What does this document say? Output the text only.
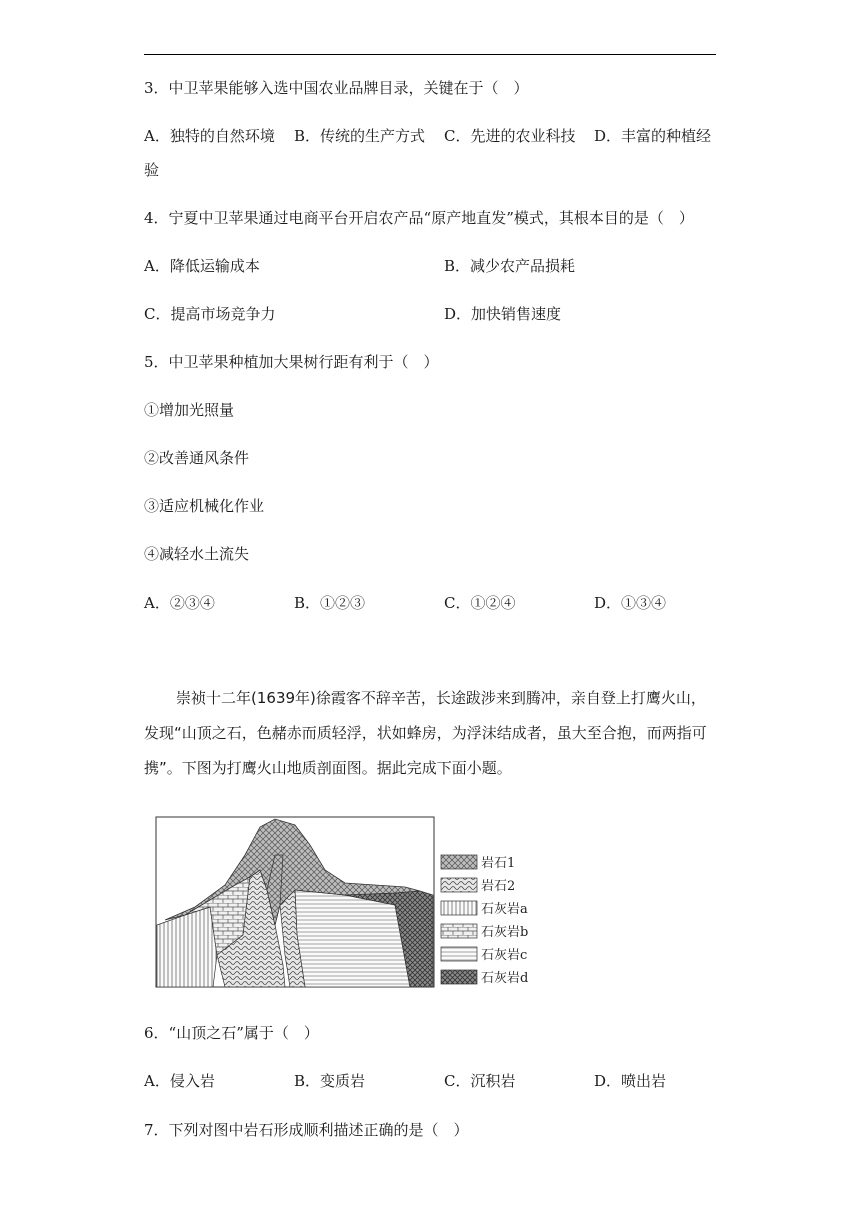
3．中卫苹果能够入选中国农业品牌目录，关键在于（　）
A．独特的自然环境 B．传统的生产方式 C．先进的农业科技 D．丰富的种植经
验
4．宁夏中卫苹果通过电商平台开启农产品“原产地直发”模式，其根本目的是（　）
A．降低运输成本	B．减少农产品损耗
C．提高市场竞争力	D．加快销售速度
5．中卫苹果种植加大果树行距有利于（　）
①增加光照量
②改善通风条件
③适应机械化作业
④减轻水土流失
A．②③④	B．①②③	C．①②④	D．①③④
崇祯十二年(1639年)徐霞客不辞辛苦，长途跋涉来到腾冲，亲自登上打鹰火山，
发现“山顶之石，色赭赤而质轻浮，状如蜂房，为浮沫结成者，虽大至合抱，而两指可
携”。下图为打鹰火山地质剖面图。据此完成下面小题。
岩石1
岩石2
石灰岩a
石灰岩b
石灰岩c
石灰岩d
6．“山顶之石”属于（　）
A．侵入岩	B．变质岩	C．沉积岩	D．喷出岩
7．下列对图中岩石形成顺利描述正确的是（　）
